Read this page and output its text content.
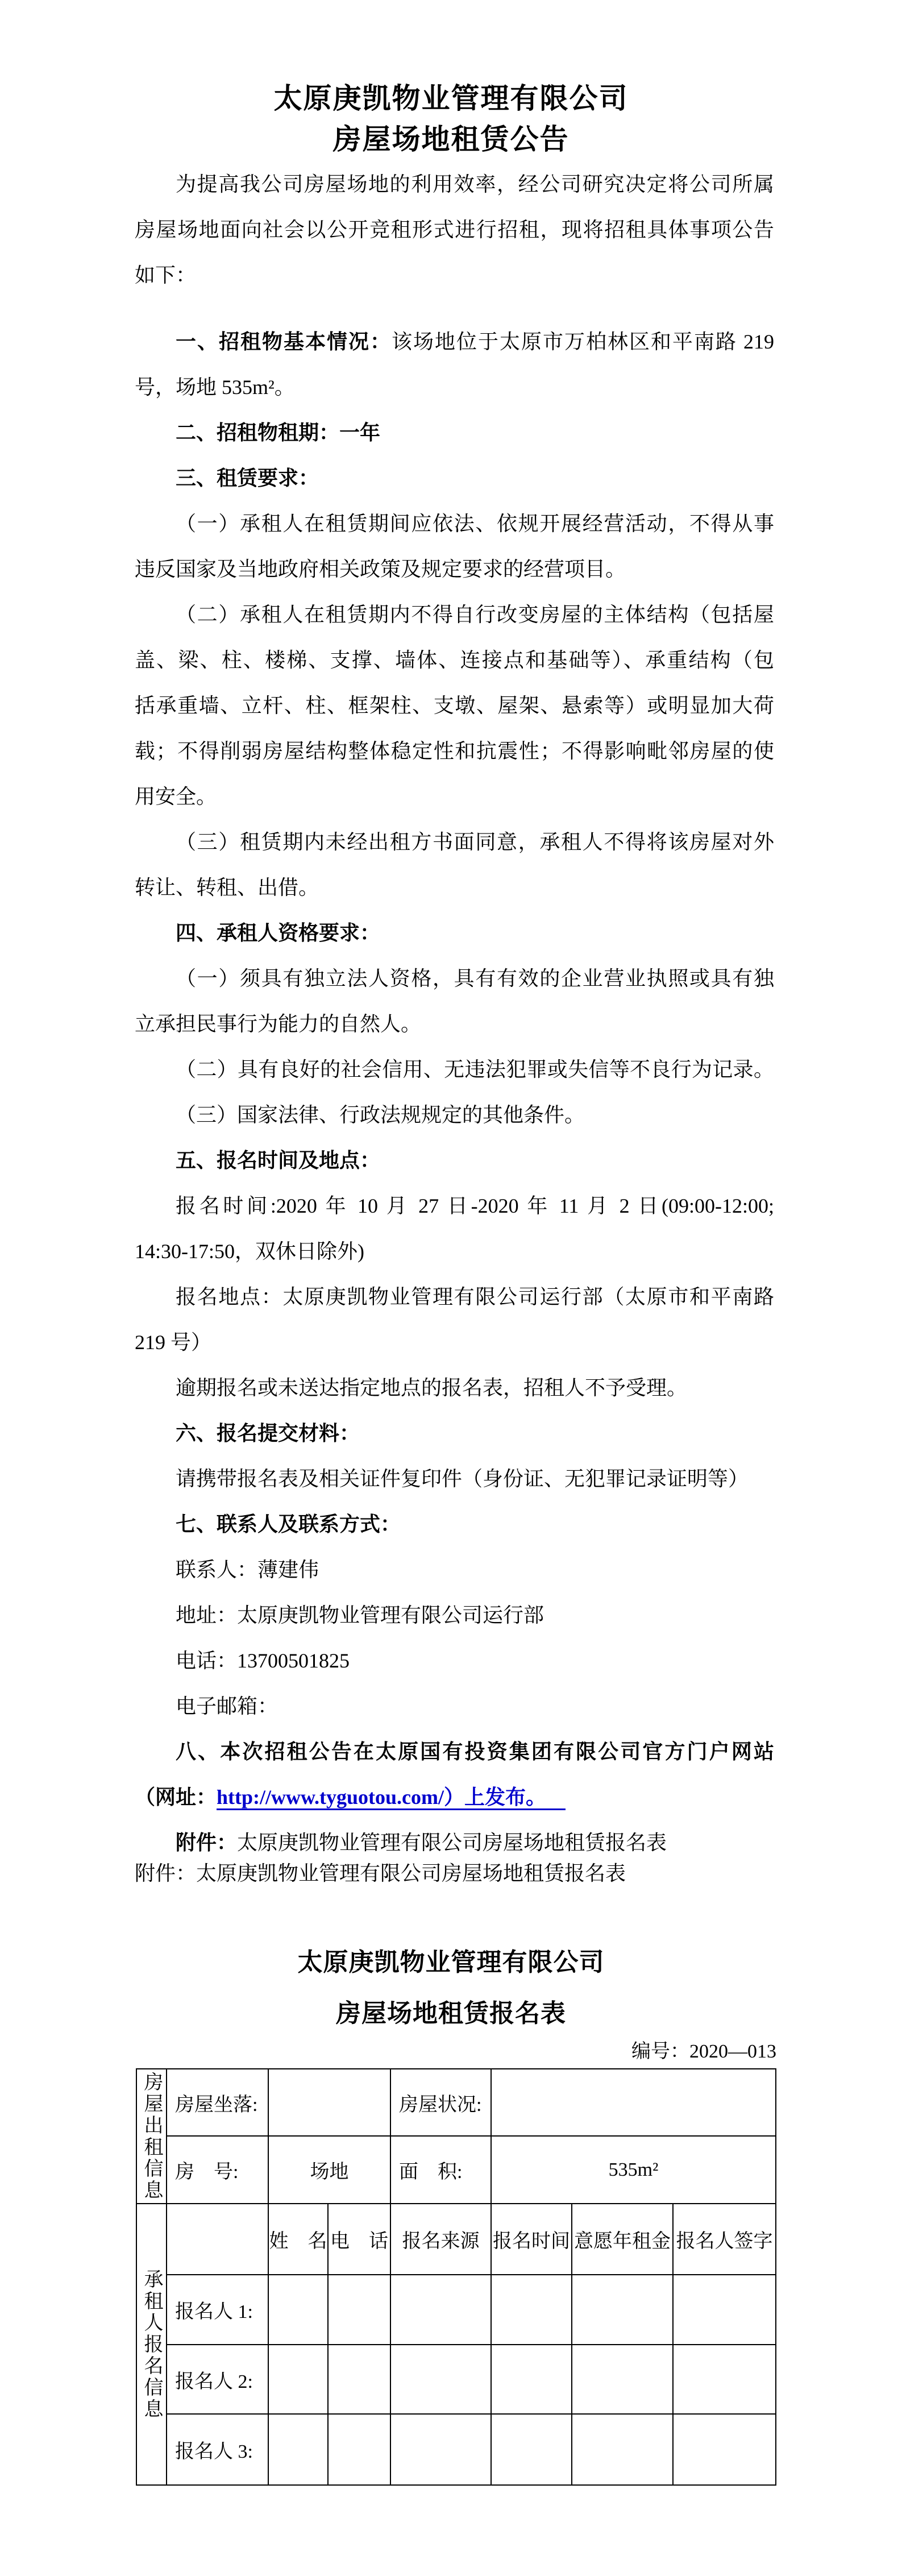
太原庚凯物业管理有限公司
房屋场地租赁公告
为提高我公司房屋场地的利用效率，经公司研究决定将公司所属
房屋场地面向社会以公开竞租形式进行招租，现将招租具体事项公告
如下：
一、招租物基本情况：该场地位于太原市万柏林区和平南路 219
号，场地 535m²。
二、招租物租期：一年
三、租赁要求：
（一）承租人在租赁期间应依法、依规开展经营活动，不得从事
违反国家及当地政府相关政策及规定要求的经营项目。
（二）承租人在租赁期内不得自行改变房屋的主体结构（包括屋
盖、梁、柱、楼梯、支撑、墙体、连接点和基础等）、承重结构（包
括承重墙、立杆、柱、框架柱、支墩、屋架、悬索等）或明显加大荷
载；不得削弱房屋结构整体稳定性和抗震性；不得影响毗邻房屋的使
用安全。
（三）租赁期内未经出租方书面同意，承租人不得将该房屋对外
转让、转租、出借。
四、承租人资格要求：
（一）须具有独立法人资格，具有有效的企业营业执照或具有独
立承担民事行为能力的自然人。
（二）具有良好的社会信用、无违法犯罪或失信等不良行为记录。
（三）国家法律、行政法规规定的其他条件。
五、报名时间及地点：
报名时间:2020 年 10 月 27 日-2020 年 11 月 2 日(09:00-12:00;
14:30-17:50，双休日除外)
报名地点：太原庚凯物业管理有限公司运行部（太原市和平南路
219 号）
逾期报名或未送达指定地点的报名表，招租人不予受理。
六、报名提交材料：
请携带报名表及相关证件复印件（身份证、无犯罪记录证明等）
七、联系人及联系方式：
联系人：薄建伟
地址：太原庚凯物业管理有限公司运行部
电话：13700501825
电子邮箱：
八、本次招租公告在太原国有投资集团有限公司官方门户网站
（网址：http://www.tyguotou.com/）上发布。
附件：太原庚凯物业管理有限公司房屋场地租赁报名表
附件：太原庚凯物业管理有限公司房屋场地租赁报名表
太原庚凯物业管理有限公司
房屋场地租赁报名表
编号：2020—013
房屋出租信息
承租人报名信息
房屋坐落:	房屋状况:
房　号:	场地	面　积:	535m²
姓　名 电　话 报名来源 报名时间 意愿年租金 报名人签字
报名人 1:
报名人 2:
报名人 3:
